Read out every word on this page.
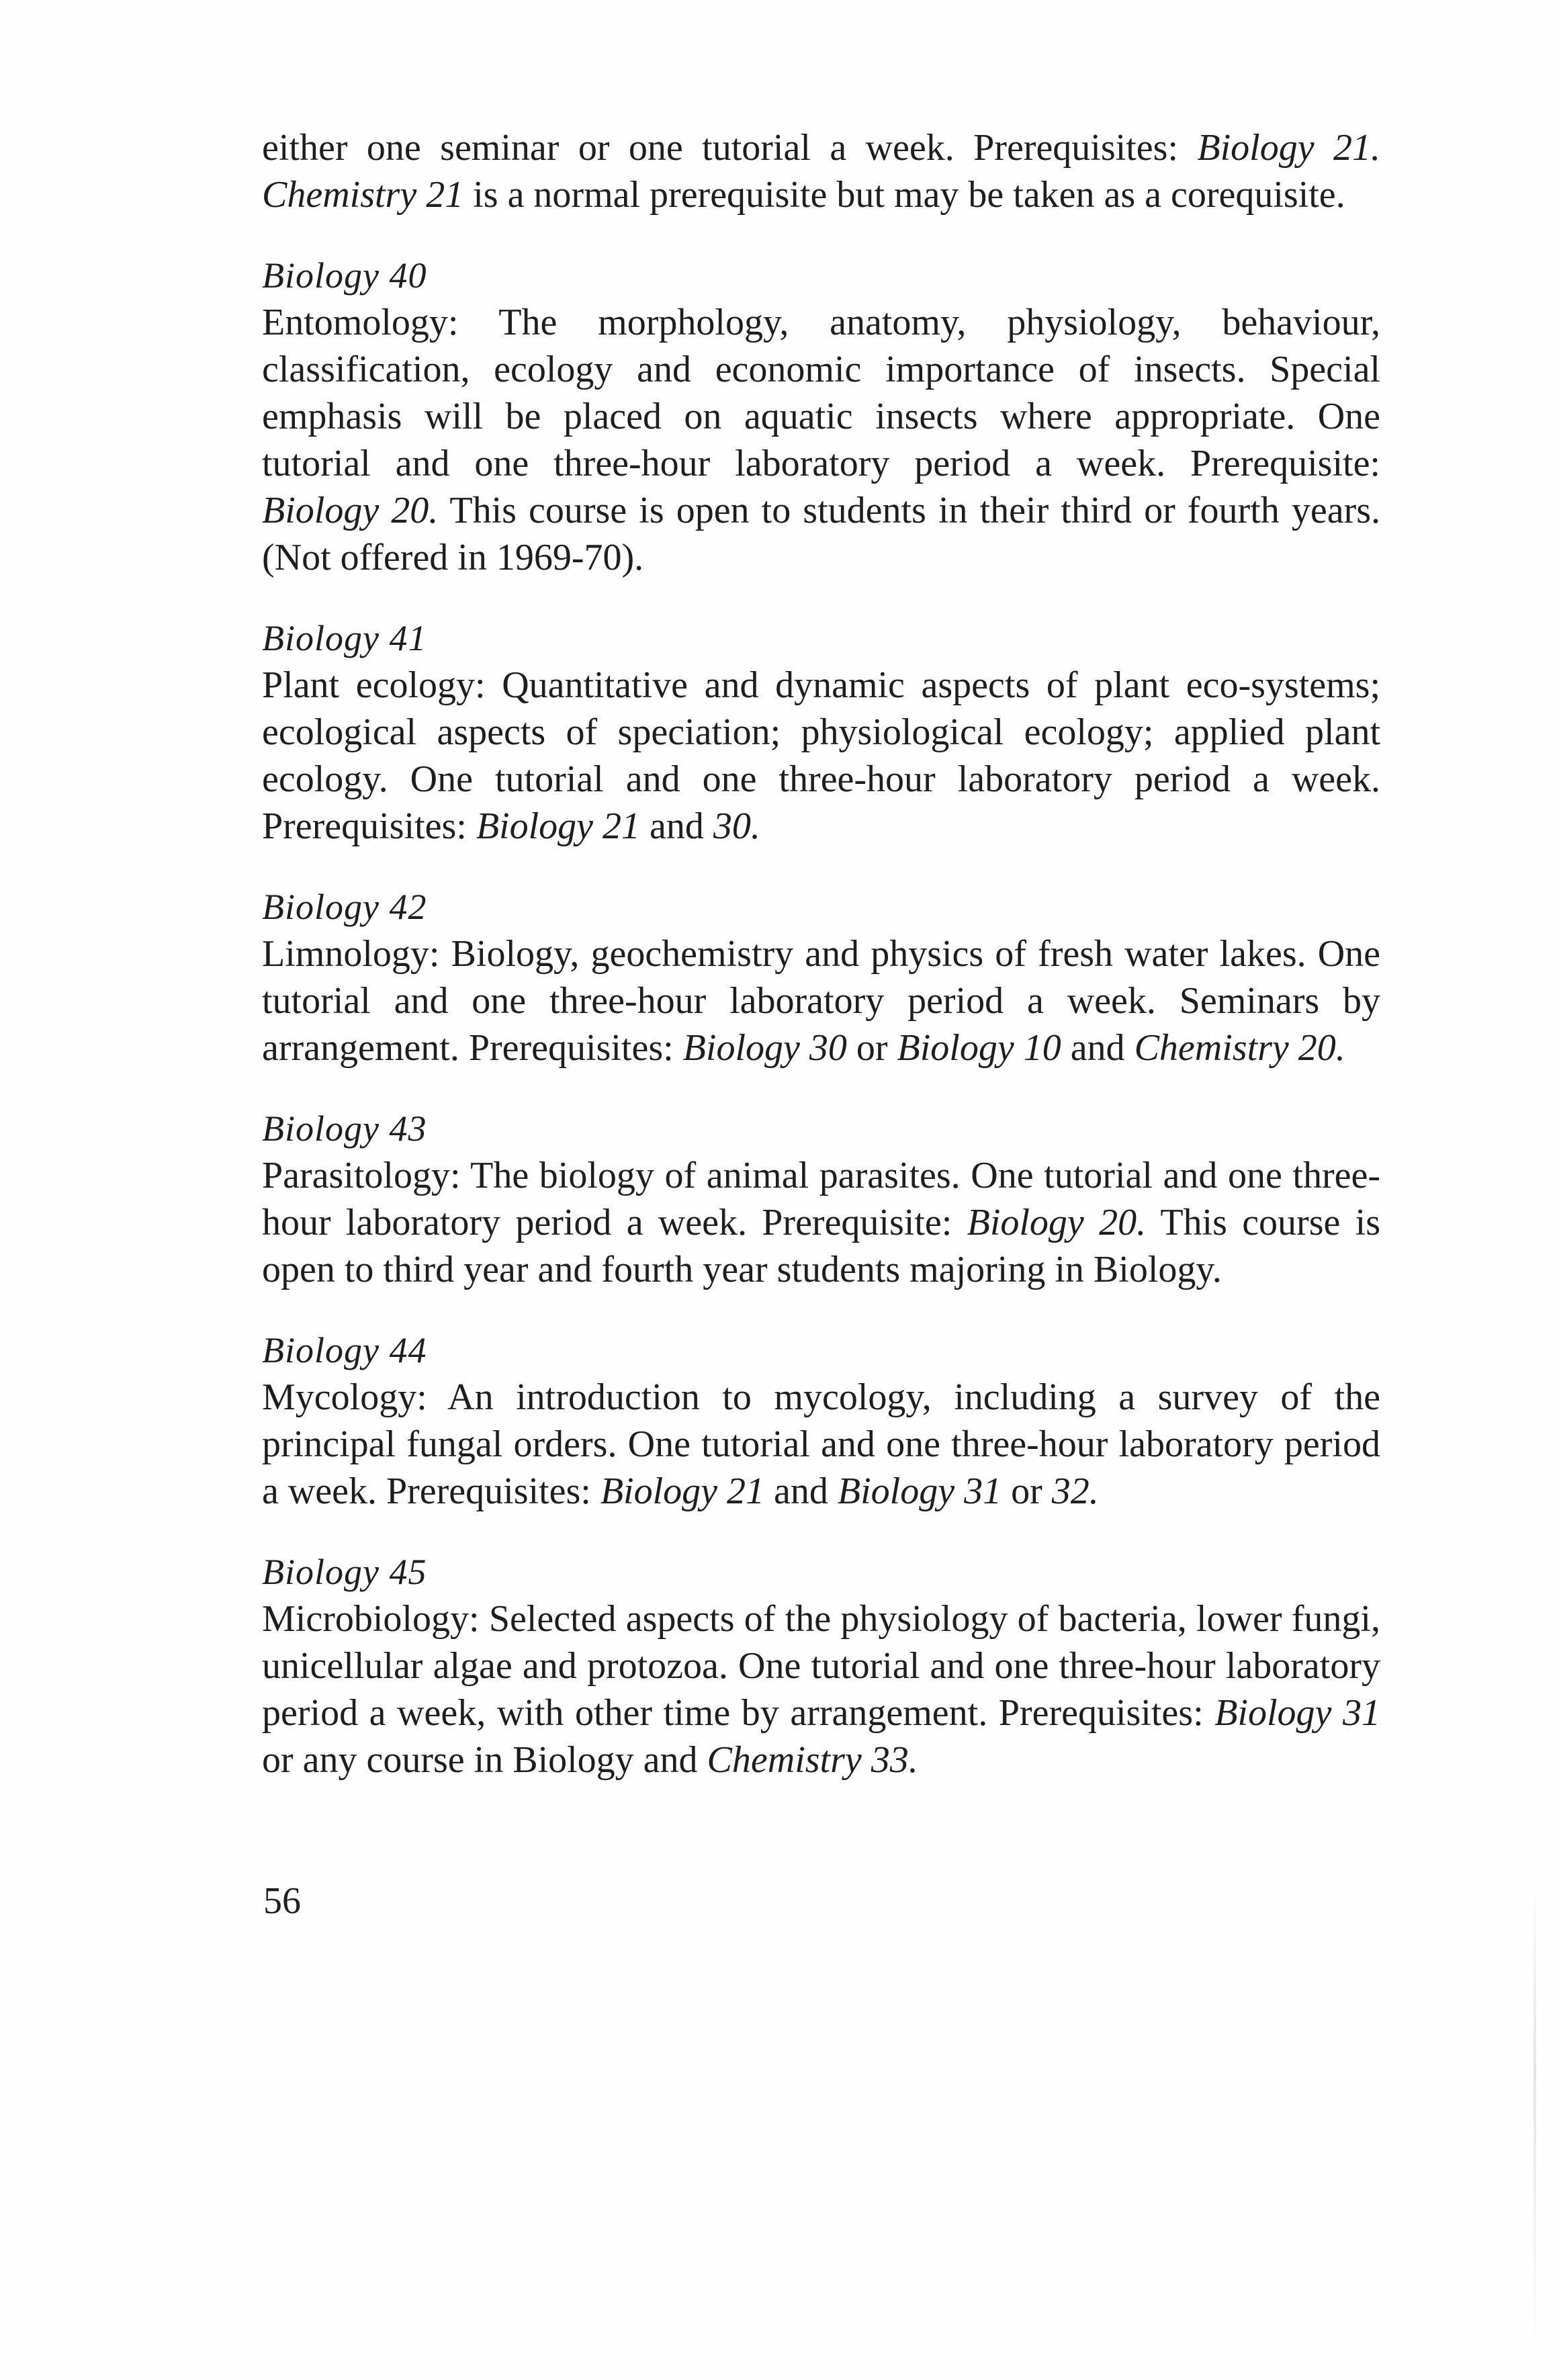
either one seminar or one tutorial a week. Prerequisites: Biology 21. Chemistry 21 is a normal prerequisite but may be taken as a corequisite.

Biology 40

Entomology: The morphology, anatomy, physiology, behaviour, classification, ecology and economic importance of insects. Special emphasis will be placed on aquatic insects where appropriate. One tutorial and one three-hour laboratory period a week. Prerequisite: Biology 20. This course is open to students in their third or fourth years. (Not offered in 1969-70).

Biology 41

Plant ecology: Quantitative and dynamic aspects of plant eco-systems; ecological aspects of speciation; physiological ecology; applied plant ecology. One tutorial and one three-hour laboratory period a week. Prerequisites: Biology 21 and 30.

Biology 42

Limnology: Biology, geochemistry and physics of fresh water lakes. One tutorial and one three-hour laboratory period a week. Seminars by arrangement. Prerequisites: Biology 30 or Biology 10 and Chemistry 20.

Biology 43

Parasitology: The biology of animal parasites. One tutorial and one three-hour laboratory period a week. Prerequisite: Biology 20. This course is open to third year and fourth year students majoring in Biology.

Biology 44

Mycology: An introduction to mycology, including a survey of the principal fungal orders. One tutorial and one three-hour laboratory period a week. Prerequisites: Biology 21 and Biology 31 or 32.

Biology 45

Microbiology: Selected aspects of the physiology of bacteria, lower fungi, unicellular algae and protozoa. One tutorial and one three-hour laboratory period a week, with other time by arrangement. Prerequisites: Biology 31 or any course in Biology and Chemistry 33.

56
